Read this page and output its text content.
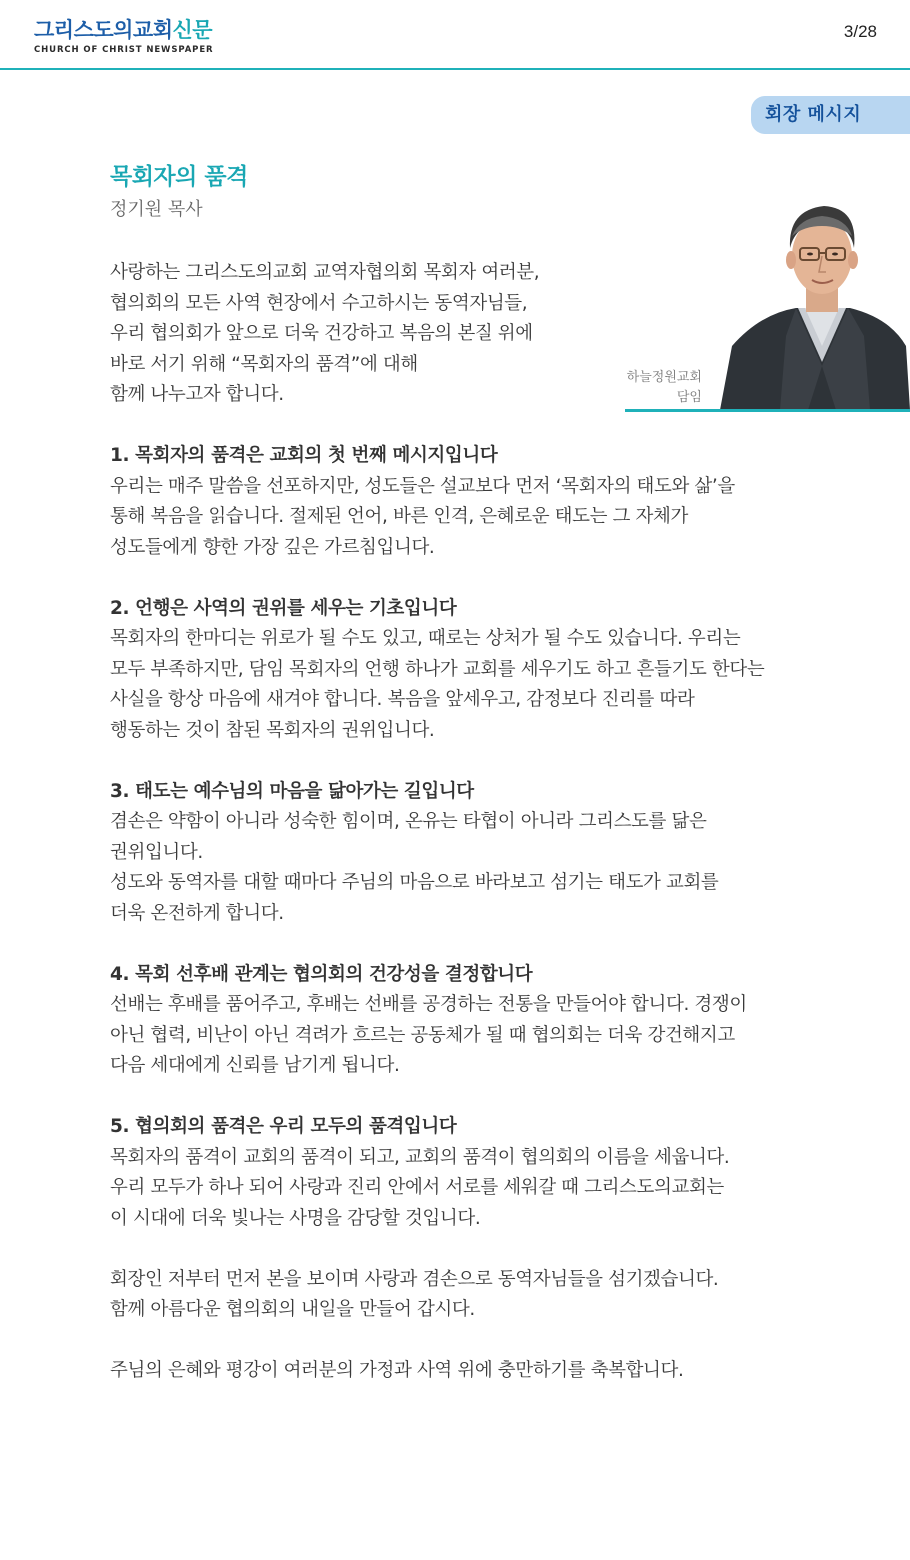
그리스도의교회신문
CHURCH OF CHRIST NEWSPAPER
3/28
회장 메시지
목회자의 품격
정기원 목사
하늘정원교회
담임
사랑하는 그리스도의교회 교역자협의회 목회자 여러분,
협의회의 모든 사역 현장에서 수고하시는 동역자님들,
우리 협의회가 앞으로 더욱 건강하고 복음의 본질 위에
바로 서기 위해 “목회자의 품격”에 대해
함께 나누고자 합니다.
1. 목회자의 품격은 교회의 첫 번째 메시지입니다
우리는 매주 말씀을 선포하지만, 성도들은 설교보다 먼저 ‘목회자의 태도와 삶’을
통해 복음을 읽습니다. 절제된 언어, 바른 인격, 은혜로운 태도는 그 자체가
성도들에게 향한 가장 깊은 가르침입니다.
2. 언행은 사역의 권위를 세우는 기초입니다
목회자의 한마디는 위로가 될 수도 있고, 때로는 상처가 될 수도 있습니다. 우리는
모두 부족하지만, 담임 목회자의 언행 하나가 교회를 세우기도 하고 흔들기도 한다는
사실을 항상 마음에 새겨야 합니다. 복음을 앞세우고, 감정보다 진리를 따라
행동하는 것이 참된 목회자의 권위입니다.
3. 태도는 예수님의 마음을 닮아가는 길입니다
겸손은 약함이 아니라 성숙한 힘이며, 온유는 타협이 아니라 그리스도를 닮은
권위입니다.
성도와 동역자를 대할 때마다 주님의 마음으로 바라보고 섬기는 태도가 교회를
더욱 온전하게 합니다.
4. 목회 선후배 관계는 협의회의 건강성을 결정합니다
선배는 후배를 품어주고, 후배는 선배를 공경하는 전통을 만들어야 합니다. 경쟁이
아닌 협력, 비난이 아닌 격려가 흐르는 공동체가 될 때 협의회는 더욱 강건해지고
다음 세대에게 신뢰를 남기게 됩니다.
5. 협의회의 품격은 우리 모두의 품격입니다
목회자의 품격이 교회의 품격이 되고, 교회의 품격이 협의회의 이름을 세웁니다.
우리 모두가 하나 되어 사랑과 진리 안에서 서로를 세워갈 때 그리스도의교회는
이 시대에 더욱 빛나는 사명을 감당할 것입니다.
회장인 저부터 먼저 본을 보이며 사랑과 겸손으로 동역자님들을 섬기겠습니다.
함께 아름다운 협의회의 내일을 만들어 갑시다.
주님의 은혜와 평강이 여러분의 가정과 사역 위에 충만하기를 축복합니다.
